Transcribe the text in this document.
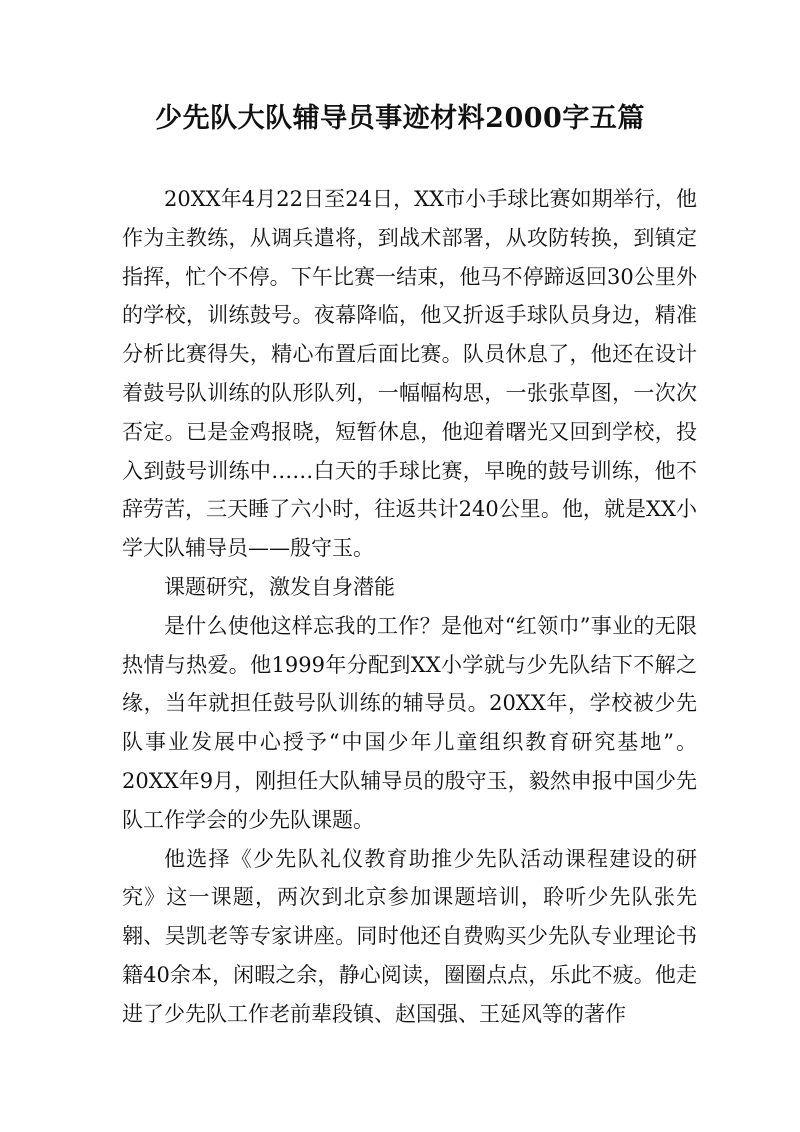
少先队大队辅导员事迹材料2000字五篇

20XX年4月22日至24日，XX市小手球比赛如期举行，他作为主教练，从调兵遣将，到战术部署，从攻防转换，到镇定指挥，忙个不停。下午比赛一结束，他马不停蹄返回30公里外的学校，训练鼓号。夜幕降临，他又折返手球队员身边，精准分析比赛得失，精心布置后面比赛。队员休息了，他还在设计着鼓号队训练的队形队列，一幅幅构思，一张张草图，一次次否定。已是金鸡报晓，短暂休息，他迎着曙光又回到学校，投入到鼓号训练中……白天的手球比赛，早晚的鼓号训练，他不辞劳苦，三天睡了六小时，往返共计240公里。他，就是XX小学大队辅导员——殷守玉。

课题研究，激发自身潜能

是什么使他这样忘我的工作？是他对“红领巾”事业的无限热情与热爱。他1999年分配到XX小学就与少先队结下不解之缘，当年就担任鼓号队训练的辅导员。20XX年，学校被少先队事业发展中心授予“中国少年儿童组织教育研究基地”。20XX年9月，刚担任大队辅导员的殷守玉，毅然申报中国少先队工作学会的少先队课题。

他选择《少先队礼仪教育助推少先队活动课程建设的研究》这一课题，两次到北京参加课题培训，聆听少先队张先翱、吴凯老等专家讲座。同时他还自费购买少先队专业理论书籍40余本，闲暇之余，静心阅读，圈圈点点，乐此不疲。他走进了少先队工作老前辈段镇、赵国强、王延风等的著作
